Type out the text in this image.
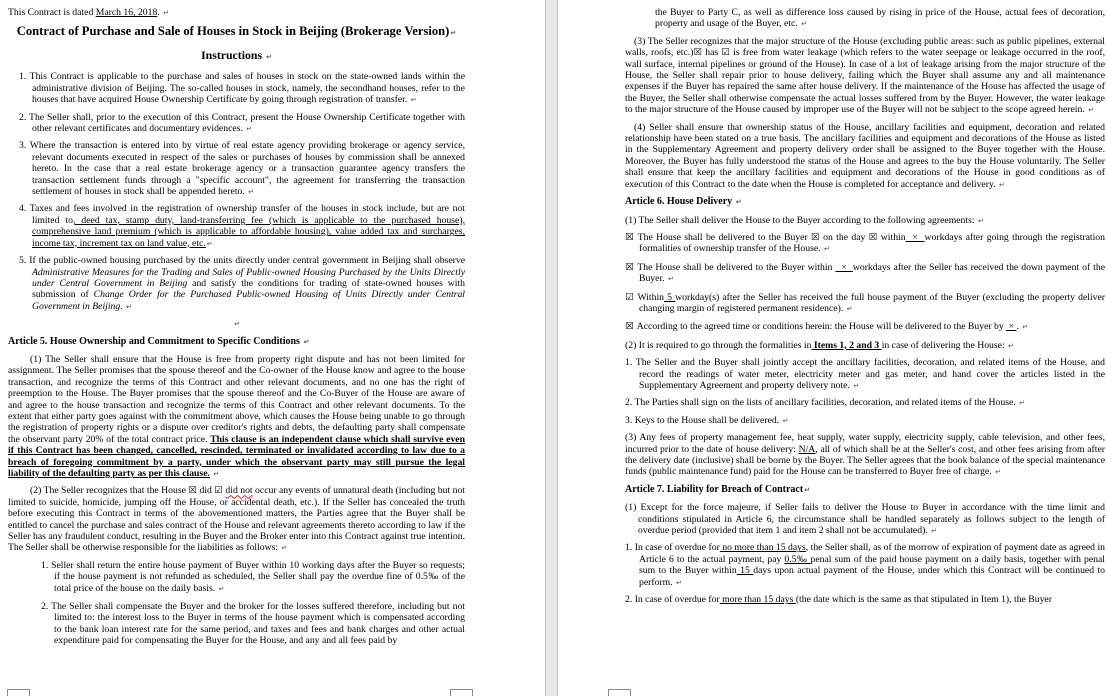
This Contract is dated March 16, 2018. ↵
Contract of Purchase and Sale of Houses in Stock in Beijing (Brokerage Version)↵
Instructions ↵
1. This Contract is applicable to the purchase and sales of houses in stock on the state-owned lands within the administrative division of Beijing. The so-called houses in stock, namely, the secondhand houses, refer to the houses that have acquired House Ownership Certificate by going through registration of transfer. ↵
2. The Seller shall, prior to the execution of this Contract, present the House Ownership Certificate together with other relevant certificates and documentary evidences. ↵
3. Where the transaction is entered into by virtue of real estate agency providing brokerage or agency service, relevant documents executed in respect of the sales or purchases of houses by commission shall be annexed hereto. In the case that a real estate brokerage agency or a transaction guarantee agency transfers the transaction settlement funds through a "specific account", the agreement for transferring the transaction settlement of houses in stock shall be appended hereto. ↵
4. Taxes and fees involved in the registration of ownership transfer of the houses in stock include, but are not limited to, deed tax, stamp duty, land-transferring fee (which is applicable to the purchased house), comprehensive land premium (which is applicable to affordable housing), value added tax and surcharges, income tax, increment tax on land value, etc.↵
5. If the public-owned housing purchased by the units directly under central government in Beijing shall observe Administrative Measures for the Trading and Sales of Public-owned Housing Purchased by the Units Directly under Central Government in Beijing and satisfy the conditions for trading of state-owned houses with submission of Change Order for the Purchased Public-owned Housing of Units Directly under Central Government in Beijing. ↵
↵
Article 5. House Ownership and Commitment to Specific Conditions ↵
(1) The Seller shall ensure that the House is free from property right dispute and has not been limited for assignment. The Seller promises that the spouse thereof and the Co-owner of the House know and agree to the house transaction, and recognize the terms of this Contract and other relevant documents, and no one has the right of preemption to the House. The Buyer promises that the spouse thereof and the Co-Buyer of the House are aware of and agree to the house transaction and recognize the terms of this Contract and other relevant documents. To the extent that either party goes against with the commitment above, which causes the House being unable to go through the registration of property rights or a dispute over creditor's rights and debts, the defaulting party shall compensate the observant party 20% of the total contract price. This clause is an independent clause which shall survive even if this Contract has been changed, cancelled, rescinded, terminated or invalidated according to law due to a breach of foregoing commitment by a party, under which the observant party may still pursue the legal liability of the defaulting party as per this clause. ↵
(2) The Seller recognizes that the House ☒ did ☑ did not occur any events of unnatural death (including but not limited to suicide, homicide, jumping off the House, or accidental death, etc.). If the Seller has concealed the truth before executing this Contract in terms of the abovementioned matters, the Parties agree that the Buyer shall be entitled to cancel the purchase and sales contract of the House and relevant agreements thereto according to law if the Seller has any fraudulent conduct, resulting in the Buyer and the Broker enter into this Contract against true intention. The Seller shall be otherwise responsible for the liabilities as follows: ↵
1. Seller shall return the entire house payment of Buyer within 10 working days after the Buyer so requests; if the house payment is not refunded as scheduled, the Seller shall pay the overdue fine of 0.5‰ of the total price of the house on the daily basis. ↵
2. The Seller shall compensate the Buyer and the broker for the losses suffered therefore, including but not limited to: the interest loss to the Buyer in terms of the house payment which is compensated according to the bank loan interest rate for the same period, and taxes and fees and bank charges and other actual expenditure paid for compensating the Buyer for the House, and any and all fees paid by
the Buyer to Party C, as well as difference loss caused by rising in price of the House, actual fees of decoration, property and usage of the Buyer, etc. ↵
(3) The Seller recognizes that the major structure of the House (excluding public areas: such as public pipelines, external walls, roofs, etc.)☒ has ☑ is free from water leakage (which refers to the water seepage or leakage occurred in the roof, wall surface, internal pipelines or ground of the House). In case of a lot of leakage arising from the major structure of the House, the Seller shall repair prior to house delivery, failing which the Buyer shall assume any and all maintenance expenses if the Buyer has repaired the same after house delivery. If the maintenance of the House has affected the usage of the Buyer, the Seller shall otherwise compensate the actual losses suffered from by the Buyer. However, the water leakage to the major structure of the House caused by improper use of the Buyer will not be subject to the scope agreed herein. ↵
(4) Seller shall ensure that ownership status of the House, ancillary facilities and equipment, decoration and related relationship have been stated on a true basis. The ancillary facilities and equipment and decorations of the House as listed in the Supplementary Agreement and property delivery order shall be assigned to the Buyer together with the House. Moreover, the Buyer has fully understood the status of the House and agrees to the buy the House voluntarily. The Seller shall ensure that keep the ancillary facilities and equipment and decorations of the House in good conditions as of execution of this Contract to the date when the House is completed for acceptance and delivery. ↵
Article 6. House Delivery ↵
(1) The Seller shall deliver the House to the Buyer according to the following agreements: ↵
☒ The House shall be delivered to the Buyer ☒ on the day ☒ within  ×  workdays after going through the registration formalities of ownership transfer of the House. ↵
☒ The House shall be delivered to the Buyer within   ×  workdays after the Seller has received the down payment of the Buyer. ↵
☑ Within 5 workday(s) after the Seller has received the full house payment of the Buyer (excluding the property deliver changing margin of registered permanent residence). ↵
☒ According to the agreed time or conditions herein: the House will be delivered to the Buyer by  × . ↵
(2) It is required to go through the formalities in Items 1, 2 and 3 in case of delivering the House: ↵
1. The Seller and the Buyer shall jointly accept the ancillary facilities, decoration, and related items of the House, and record the readings of water meter, electricity meter and gas meter, and hand cover the articles listed in the Supplementary Agreement and property delivery note. ↵
2. The Parties shall sign on the lists of ancillary facilities, decoration, and related items of the House. ↵
3. Keys to the House shall be delivered. ↵
(3) Any fees of property management fee, heat supply, water supply, electricity supply, cable television, and other fees, incurred prior to the date of house delivery: N/A, all of which shall be at the Seller's cost, and other fees arising from after the delivery date (inclusive) shall be borne by the Buyer. The Seller agrees that the book balance of the special maintenance funds (public maintenance fund) paid for the House can be transferred to Buyer free of charge. ↵
Article 7. Liability for Breach of Contract↵
(1) Except for the force majeure, if Seller fails to deliver the House to Buyer in accordance with the time limit and conditions stipulated in Article 6, the circumstance shall be handled separately as follows subject to the length of overdue period (provided that item 1 and item 2 shall not be accumulated). ↵
1. In case of overdue for no more than 15 days, the Seller shall, as of the morrow of expiration of payment date as agreed in Article 6 to the actual payment, pay 0.5‰ penal sum of the paid house payment on a daily basis, together with penal sum to the Buyer within 15 days upon actual payment of the House, under which this Contract will be continued to perform. ↵
2. In case of overdue for more than 15 days (the date which is the same as that stipulated in Item 1), the Buyer
